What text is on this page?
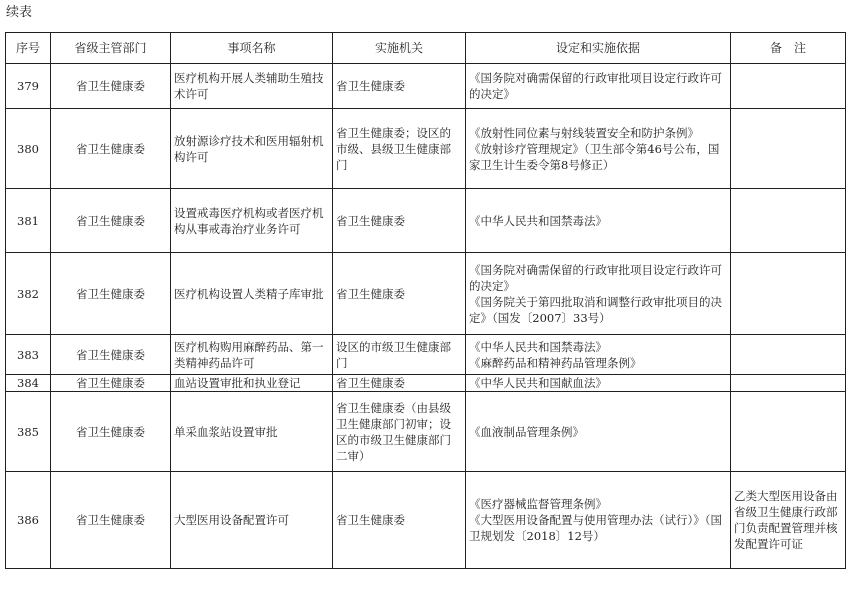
续表
序号	省级主管部门	事项名称	实施机关	设定和实施依据	备　注
379	省卫生健康委	医疗机构开展人类辅助生殖技术许可	省卫生健康委	《国务院对确需保留的行政审批项目设定行政许可的决定》	

380	省卫生健康委	放射源诊疗技术和医用辐射机构许可	省卫生健康委；设区的市级、县级卫生健康部门	《放射性同位素与射线装置安全和防护条例》
《放射诊疗管理规定》（卫生部令第46号公布，国家卫生计生委令第8号修正）	

381	省卫生健康委	设置戒毒医疗机构或者医疗机构从事戒毒治疗业务许可	省卫生健康委	《中华人民共和国禁毒法》	

382	省卫生健康委	医疗机构设置人类精子库审批	省卫生健康委	《国务院对确需保留的行政审批项目设定行政许可的决定》
《国务院关于第四批取消和调整行政审批项目的决定》（国发〔2007〕33号）	

383	省卫生健康委	医疗机构购用麻醉药品、第一类精神药品许可	设区的市级卫生健康部门	《中华人民共和国禁毒法》
《麻醉药品和精神药品管理条例》	

384	省卫生健康委	血站设置审批和执业登记	省卫生健康委	《中华人民共和国献血法》	

385	省卫生健康委	单采血浆站设置审批	省卫生健康委（由县级卫生健康部门初审；设区的市级卫生健康部门二审）	《血液制品管理条例》	

386	省卫生健康委	大型医用设备配置许可	省卫生健康委	《医疗器械监督管理条例》
《大型医用设备配置与使用管理办法（试行）》（国卫规划发〔2018〕12号）	乙类大型医用设备由省级卫生健康行政部门负责配置管理并核发配置许可证
